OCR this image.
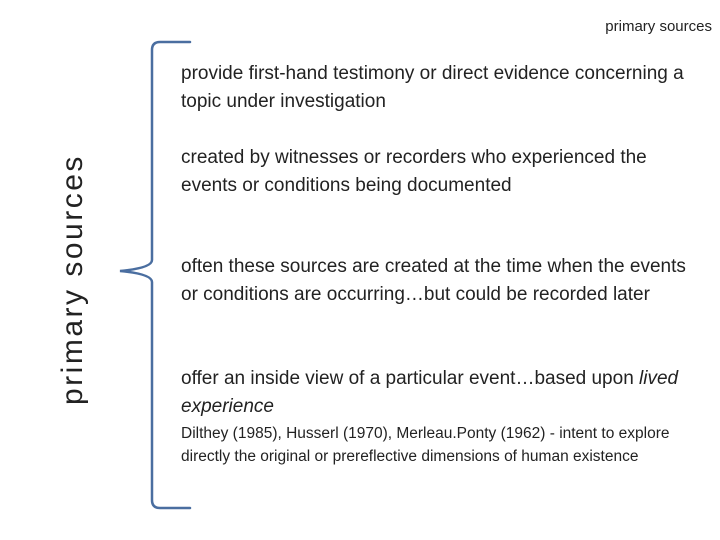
primary sources
primary sources
provide first-hand testimony or direct evidence concerning a topic under investigation
created by witnesses or recorders who experienced the events or conditions being documented
often these sources are created at the time when the events or conditions are occurring…but could be recorded later
offer an inside view of a particular event…based upon lived experience
Dilthey (1985), Husserl (1970), Merleau.Ponty (1962) - intent to explore directly the original or prereflective dimensions of human existence
